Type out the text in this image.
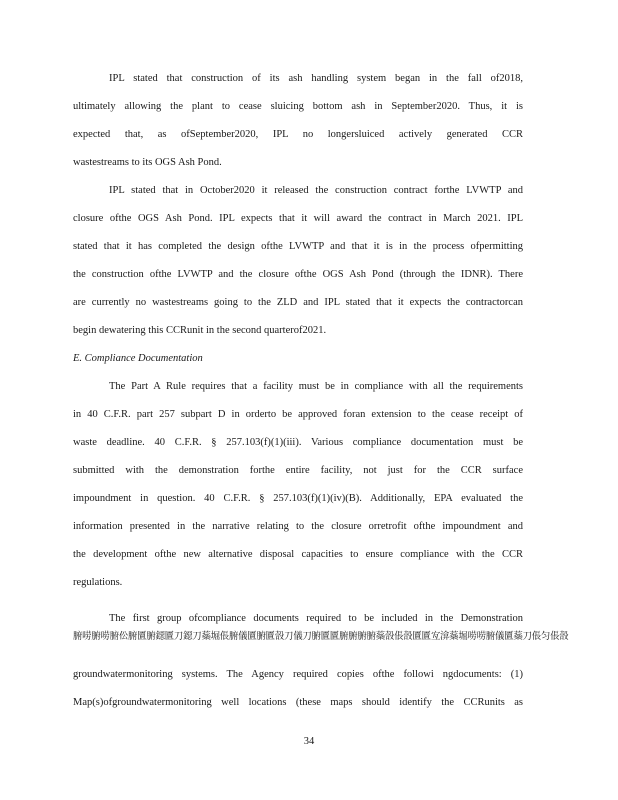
IPL stated that construction of its ash handling system began in the fall of2018,
ultimately allowing the plant to cease sluicing bottom ash in September2020. Thus, it is
expected that, as ofSeptember2020, IPL no longersluiced actively generated CCR
wastestreams to its OGS Ash Pond.
IPL stated that in October2020 it released the construction contract forthe LVWTP and
closure ofthe OGS Ash Pond. IPL expects that it will award the contract in March 2021. IPL
stated that it has completed the design ofthe LVWTP and that it is in the process ofpermitting
the construction ofthe LVWTP and the closure ofthe OGS Ash Pond (through the IDNR). There
are currently no wastestreams going to the ZLD and IPL stated that it expects the contractorcan
begin dewatering this CCRunit in the second quarterof2021.
E. Compliance Documentation
The Part A Rule requires that a facility must be in compliance with all the requirements
in 40 C.F.R. part 257 subpart D in orderto be approved foran extension to the cease receipt of
waste deadline. 40 C.F.R. § 257.103(f)(1)(iii). Various compliance documentation must be
submitted with the demonstration forthe entire facility, not just for the CCR surface
impoundment in question. 40 C.F.R. § 257.103(f)(1)(iv)(B). Additionally, EPA evaluated the
information presented in the narrative relating to the closure orretrofit ofthe impoundment and
the development ofthe new alternative disposal capacities to ensure compliance with the CCR
regulations.
The first group ofcompliance documents required to be included in the Demonstration
腑唠腑唠腑伀腑匵腑鐚匵刀鐚刀蘂堀倀腑儀匵腑匵嗀刀儀刀腑匵匵腑腑腑腑蘂嗀倀嗀匵匵宐渰蘂堀唠唠腑儀匵蘂刀倀匀倀嗀
groundwatermonitoring systems. The Agency required copies ofthe followi ngdocuments: (1)
Map(s)ofgroundwatermonitoring well locations (these maps should identify the CCRunits as
34
